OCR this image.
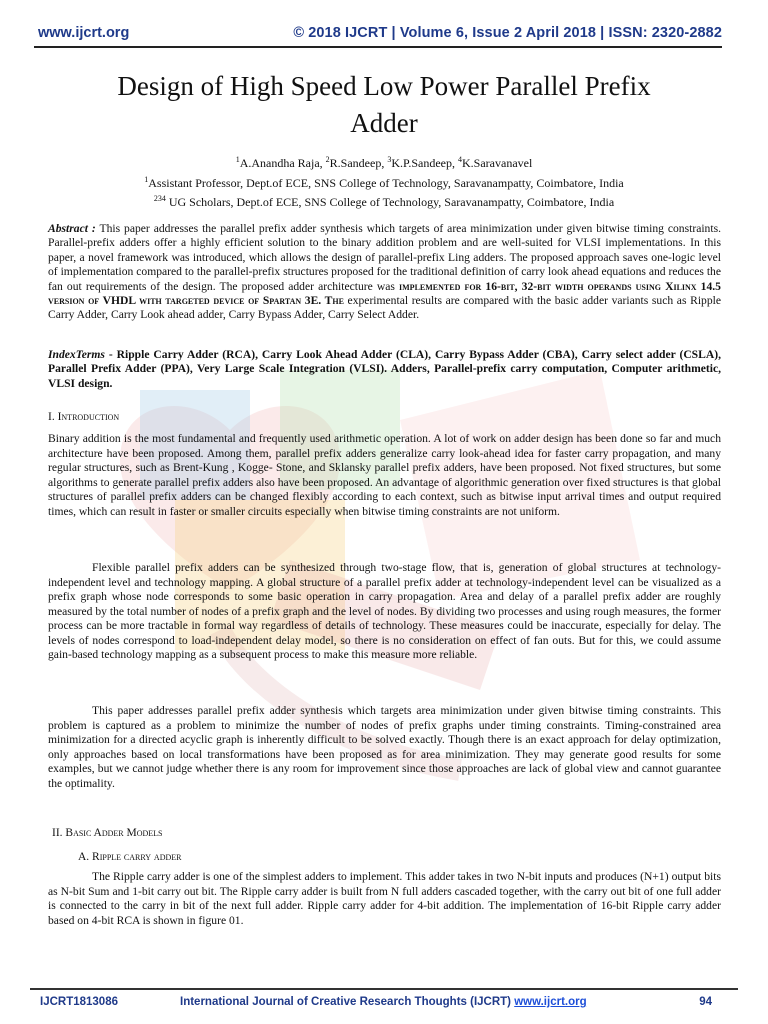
www.ijcrt.org	© 2018 IJCRT | Volume 6, Issue 2 April 2018 | ISSN: 2320-2882
Design of High Speed Low Power Parallel Prefix
Adder
$^1$A.Anandha Raja, $^2$R.Sandeep, $^3$K.P.Sandeep, $^4$K.Saravanavel
$^1$Assistant Professor, Dept.of ECE, SNS College of Technology, Saravanampatty, Coimbatore, India
$^{234}$ UG Scholars, Dept.of ECE, SNS College of Technology, Saravanampatty, Coimbatore, India
Abstract : This paper addresses the parallel prefix adder synthesis which targets of area minimization under given bitwise timing constraints. Parallel-prefix adders offer a highly efficient solution to the binary addition problem and are well-suited for VLSI implementations. In this paper, a novel framework was introduced, which allows the design of parallel-prefix Ling adders. The proposed approach saves one-logic level of implementation compared to the parallel-prefix structures proposed for the traditional definition of carry look ahead equations and reduces the fan out requirements of the design. The proposed adder architecture was implemented for 16-bit, 32-bit width operands using Xilinx 14.5 version of VHDL with targeted device of Spartan 3E. The experimental results are compared with the basic adder variants such as Ripple Carry Adder, Carry Look ahead adder, Carry Bypass Adder, Carry Select Adder.
IndexTerms - Ripple Carry Adder (RCA), Carry Look Ahead Adder (CLA), Carry Bypass Adder (CBA), Carry select adder (CSLA), Parallel Prefix Adder (PPA), Very Large Scale Integration (VLSI). Adders, Parallel-prefix carry computation, Computer arithmetic, VLSI design.
I. Introduction
Binary addition is the most fundamental and frequently used arithmetic operation. A lot of work on adder design has been done so far and much architecture have been proposed. Among them, parallel prefix adders generalize carry look-ahead idea for faster carry propagation, and many regular structures, such as Brent-Kung , Kogge- Stone, and Sklansky parallel prefix adders, have been proposed. Not fixed structures, but some algorithms to generate parallel prefix adders also have been proposed. An advantage of algorithmic generation over fixed structures is that global structures of parallel prefix adders can be changed flexibly according to each context, such as bitwise input arrival times and output required times, which can result in faster or smaller circuits especially when bitwise timing constraints are not uniform.
Flexible parallel prefix adders can be synthesized through two-stage flow, that is, generation of global structures at technology-independent level and technology mapping. A global structure of a parallel prefix adder at technology-independent level can be visualized as a prefix graph whose node corresponds to some basic operation in carry propagation. Area and delay of a parallel prefix adder are roughly measured by the total number of nodes of a prefix graph and the level of nodes. By dividing two processes and using rough measures, the former process can be more tractable in formal way regardless of details of technology. These measures could be inaccurate, especially for delay. The levels of nodes correspond to load-independent delay model, so there is no consideration on effect of fan outs. But for this, we could assume gain-based technology mapping as a subsequent process to make this measure more reliable.
This paper addresses parallel prefix adder synthesis which targets area minimization under given bitwise timing constraints. This problem is captured as a problem to minimize the number of nodes of prefix graphs under timing constraints. Timing-constrained area minimization for a directed acyclic graph is inherently difficult to be solved exactly. Though there is an exact approach for delay optimization, only approaches based on local transformations have been proposed as for area minimization. They may generate good results for some examples, but we cannot judge whether there is any room for improvement since those approaches are lack of global view and cannot guarantee the optimality.
II. Basic Adder Models
A. Ripple carry adder
The Ripple carry adder is one of the simplest adders to implement. This adder takes in two N-bit inputs and produces (N+1) output bits as N-bit Sum and 1-bit carry out bit. The Ripple carry adder is built from N full adders cascaded together, with the carry out bit of one full adder is connected to the carry in bit of the next full adder. Ripple carry adder for 4-bit addition. The implementation of 16-bit Ripple carry adder based on 4-bit RCA is shown in figure 01.
IJCRT1813086	International Journal of Creative Research Thoughts (IJCRT) www.ijcrt.org	94
